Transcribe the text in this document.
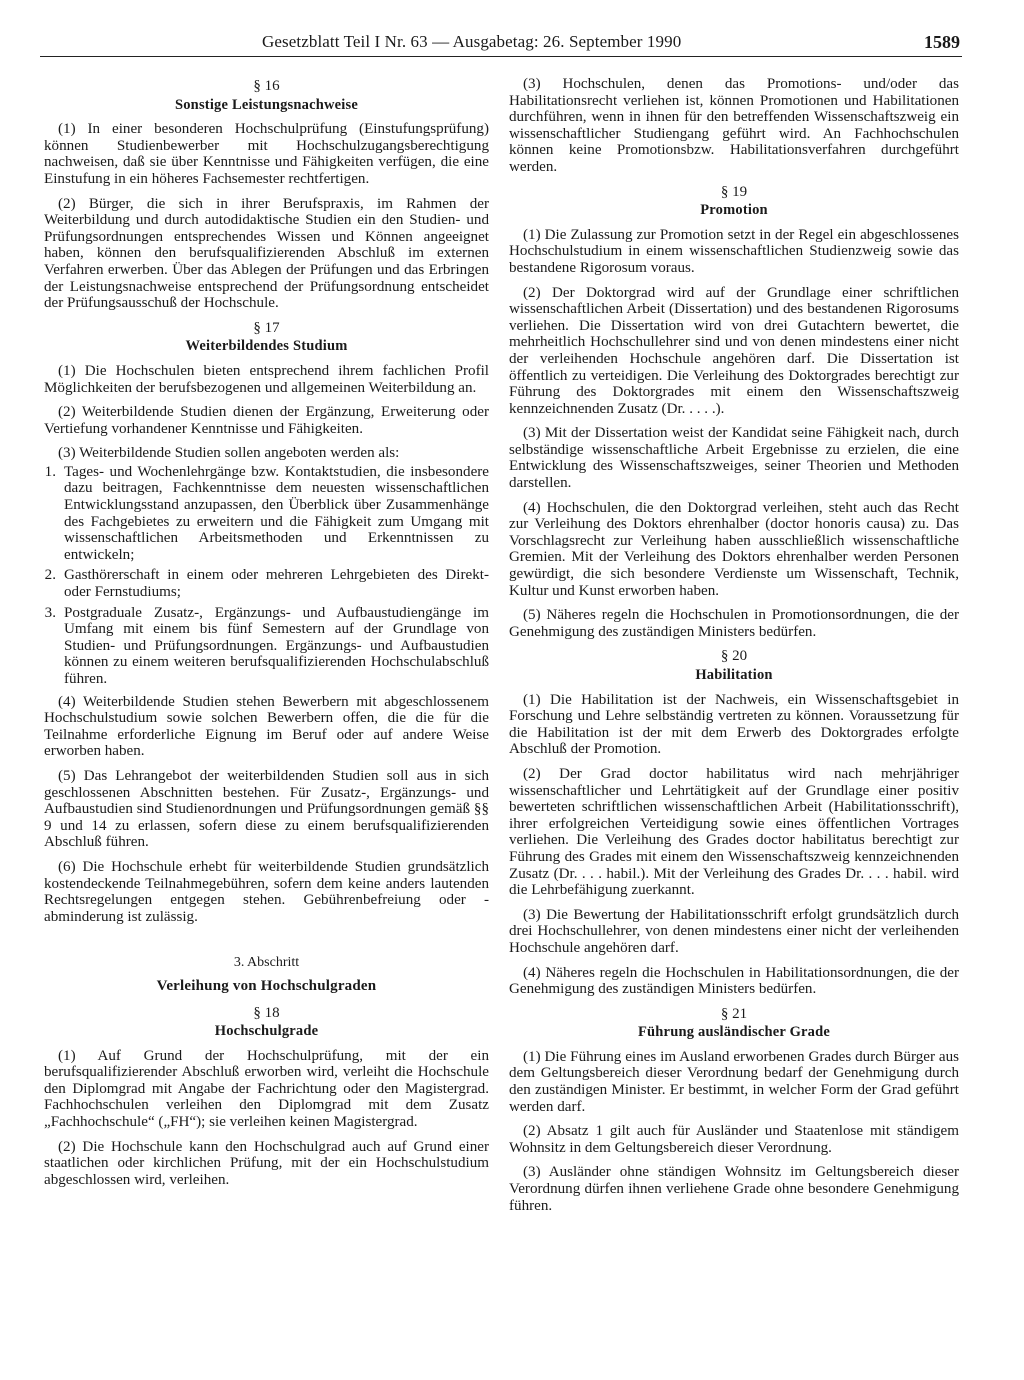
Gesetzblatt Teil I Nr. 63 — Ausgabetag: 26. September 1990	1589
§ 16
Sonstige Leistungsnachweise

(1) In einer besonderen Hochschulprüfung (Einstufungsprüfung) können Studienbewerber mit Hochschulzugangsberechtigung nachweisen, daß sie über Kenntnisse und Fähigkeiten verfügen, die eine Einstufung in ein höheres Fachsemester rechtfertigen.

(2) Bürger, die sich in ihrer Berufspraxis, im Rahmen der Weiterbildung und durch autodidaktische Studien ein den Studien- und Prüfungsordnungen entsprechendes Wissen und Können angeeignet haben, können den berufsqualifizierenden Abschluß im externen Verfahren erwerben. Über das Ablegen der Prüfungen und das Erbringen der Leistungsnachweise entsprechend der Prüfungsordnung entscheidet der Prüfungsausschuß der Hochschule.

§ 17
Weiterbildendes Studium

(1) Die Hochschulen bieten entsprechend ihrem fachlichen Profil Möglichkeiten der berufsbezogenen und allgemeinen Weiterbildung an.

(2) Weiterbildende Studien dienen der Ergänzung, Erweiterung oder Vertiefung vorhandener Kenntnisse und Fähigkeiten.

(3) Weiterbildende Studien sollen angeboten werden als:

1. Tages- und Wochenlehrgänge bzw. Kontaktstudien, die insbesondere dazu beitragen, Fachkenntnisse dem neuesten wissenschaftlichen Entwicklungsstand anzupassen, den Überblick über Zusammenhänge des Fachgebietes zu erweitern und die Fähigkeit zum Umgang mit wissenschaftlichen Arbeitsmethoden und Erkenntnissen zu entwickeln;
2. Gasthörerschaft in einem oder mehreren Lehrgebieten des Direkt- oder Fernstudiums;
3. Postgraduale Zusatz-, Ergänzungs- und Aufbaustudiengänge im Umfang mit einem bis fünf Semestern auf der Grundlage von Studien- und Prüfungsordnungen. Ergänzungs- und Aufbaustudien können zu einem weiteren berufsqualifizierenden Hochschulabschluß führen.

(4) Weiterbildende Studien stehen Bewerbern mit abgeschlossenem Hochschulstudium sowie solchen Bewerbern offen, die die für die Teilnahme erforderliche Eignung im Beruf oder auf andere Weise erworben haben.

(5) Das Lehrangebot der weiterbildenden Studien soll aus in sich geschlossenen Abschnitten bestehen. Für Zusatz-, Ergänzungs- und Aufbaustudien sind Studienordnungen und Prüfungsordnungen gemäß §§ 9 und 14 zu erlassen, sofern diese zu einem berufsqualifizierenden Abschluß führen.

(6) Die Hochschule erhebt für weiterbildende Studien grundsätzlich kostendeckende Teilnahmegebühren, sofern dem keine anders lautenden Rechtsregelungen entgegen stehen. Gebührenbefreiung oder -abminderung ist zulässig.

3. Abschritt
Verleihung von Hochschulgraden
§ 18
Hochschulgrade

(1) Auf Grund der Hochschulprüfung, mit der ein berufsqualifizierender Abschluß erworben wird, verleiht die Hochschule den Diplomgrad mit Angabe der Fachrichtung oder den Magistergrad. Fachhochschulen verleihen den Diplomgrad mit dem Zusatz „Fachhochschule“ („FH“); sie verleihen keinen Magistergrad.

(2) Die Hochschule kann den Hochschulgrad auch auf Grund einer staatlichen oder kirchlichen Prüfung, mit der ein Hochschulstudium abgeschlossen wird, verleihen.

(3) Hochschulen, denen das Promotions- und/oder das Habilitationsrecht verliehen ist, können Promotionen und Habilitationen durchführen, wenn in ihnen für den betreffenden Wissenschaftszweig ein wissenschaftlicher Studiengang geführt wird. An Fachhochschulen können keine Promotionsbzw. Habilitationsverfahren durchgeführt werden.

§ 19
Promotion

(1) Die Zulassung zur Promotion setzt in der Regel ein abgeschlossenes Hochschulstudium in einem wissenschaftlichen Studienzweig sowie das bestandene Rigorosum voraus.

(2) Der Doktorgrad wird auf der Grundlage einer schriftlichen wissenschaftlichen Arbeit (Dissertation) und des bestandenen Rigorosums verliehen. Die Dissertation wird von drei Gutachtern bewertet, die mehrheitlich Hochschullehrer sind und von denen mindestens einer nicht der verleihenden Hochschule angehören darf. Die Dissertation ist öffentlich zu verteidigen. Die Verleihung des Doktorgrades berechtigt zur Führung des Doktorgrades mit einem den Wissenschaftszweig kennzeichnenden Zusatz (Dr. . . . .).

(3) Mit der Dissertation weist der Kandidat seine Fähigkeit nach, durch selbständige wissenschaftliche Arbeit Ergebnisse zu erzielen, die eine Entwicklung des Wissenschaftszweiges, seiner Theorien und Methoden darstellen.

(4) Hochschulen, die den Doktorgrad verleihen, steht auch das Recht zur Verleihung des Doktors ehrenhalber (doctor honoris causa) zu. Das Vorschlagsrecht zur Verleihung haben ausschließlich wissenschaftliche Gremien. Mit der Verleihung des Doktors ehrenhalber werden Personen gewürdigt, die sich besondere Verdienste um Wissenschaft, Technik, Kultur und Kunst erworben haben.

(5) Näheres regeln die Hochschulen in Promotionsordnungen, die der Genehmigung des zuständigen Ministers bedürfen.

§ 20
Habilitation

(1) Die Habilitation ist der Nachweis, ein Wissenschaftsgebiet in Forschung und Lehre selbständig vertreten zu können. Voraussetzung für die Habilitation ist der mit dem Erwerb des Doktorgrades erfolgte Abschluß der Promotion.

(2) Der Grad doctor habilitatus wird nach mehrjähriger wissenschaftlicher und Lehrtätigkeit auf der Grundlage einer positiv bewerteten schriftlichen wissenschaftlichen Arbeit (Habilitationsschrift), ihrer erfolgreichen Verteidigung sowie eines öffentlichen Vortrages verliehen. Die Verleihung des Grades doctor habilitatus berechtigt zur Führung des Grades mit einem den Wissenschaftszweig kennzeichnenden Zusatz (Dr. . . . habil.). Mit der Verleihung des Grades Dr. . . . habil. wird die Lehrbefähigung zuerkannt.

(3) Die Bewertung der Habilitationsschrift erfolgt grundsätzlich durch drei Hochschullehrer, von denen mindestens einer nicht der verleihenden Hochschule angehören darf.

(4) Näheres regeln die Hochschulen in Habilitationsordnungen, die der Genehmigung des zuständigen Ministers bedürfen.

§ 21
Führung ausländischer Grade

(1) Die Führung eines im Ausland erworbenen Grades durch Bürger aus dem Geltungsbereich dieser Verordnung bedarf der Genehmigung durch den zuständigen Minister. Er bestimmt, in welcher Form der Grad geführt werden darf.

(2) Absatz 1 gilt auch für Ausländer und Staatenlose mit ständigem Wohnsitz in dem Geltungsbereich dieser Verordnung.

(3) Ausländer ohne ständigen Wohnsitz im Geltungsbereich dieser Verordnung dürfen ihnen verliehene Grade ohne besondere Genehmigung führen.
